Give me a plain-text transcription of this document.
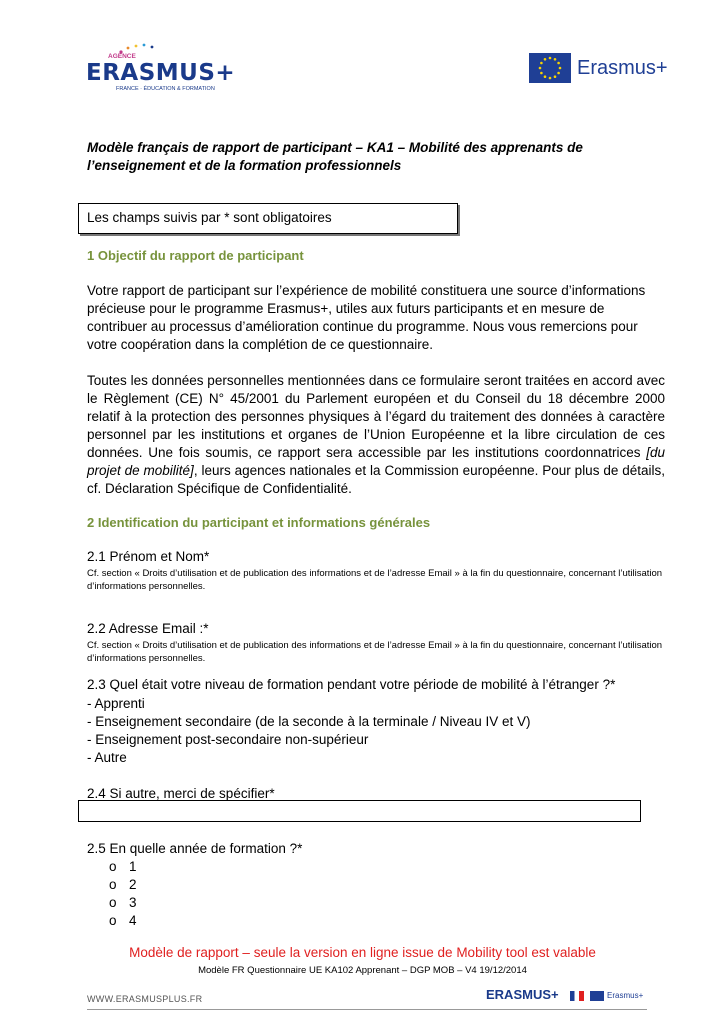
AGENCE
ERASMUS+
FRANCE · ÉDUCATION & FORMATION
Erasmus+
Modèle français de rapport de participant – KA1 – Mobilité des apprenants de l’enseignement et de la formation professionnels
Les champs suivis par * sont obligatoires
1 Objectif du rapport de participant
Votre rapport de participant sur l’expérience de mobilité constituera une source d’informations précieuse pour le programme Erasmus+, utiles aux futurs participants et en mesure de contribuer au processus d’amélioration continue du programme. Nous vous remercions pour votre coopération dans la complétion de ce questionnaire.
Toutes les données personnelles mentionnées dans ce formulaire seront traitées en accord avec le Règlement (CE) N° 45/2001 du Parlement européen et du Conseil du 18 décembre 2000 relatif à la protection des personnes physiques à l’égard du traitement des données à caractère personnel par les institutions et organes de l’Union Européenne et la libre circulation de ces données. Une fois soumis, ce rapport sera accessible par les institutions coordonnatrices [du projet de mobilité], leurs agences nationales et la Commission européenne. Pour plus de détails, cf. Déclaration Spécifique de Confidentialité.
2 Identification du participant et informations générales
2.1 Prénom et Nom*
Cf. section « Droits d’utilisation et de publication des informations et de l’adresse Email » à la fin du questionnaire, concernant l’utilisation d’informations personnelles.
2.2 Adresse Email :*
Cf. section « Droits d’utilisation et de publication des informations et de l’adresse Email » à la fin du questionnaire, concernant l’utilisation d’informations personnelles.
2.3 Quel était votre niveau de formation pendant votre période de mobilité à l’étranger ?*
- Apprenti
- Enseignement secondaire (de la seconde à la terminale / Niveau IV et V)
- Enseignement post-secondaire non-supérieur
- Autre
2.4 Si autre, merci de spécifier*
2.5 En quelle année de formation ?*
o 1
o 2
o 3
o 4
Modèle de rapport – seule la version en ligne issue de Mobility tool est valable
Modèle FR Questionnaire UE KA102 Apprenant – DGP MOB – V4 19/12/2014
WWW.ERASMUSPLUS.FR	ERASMUS+	Erasmus+
